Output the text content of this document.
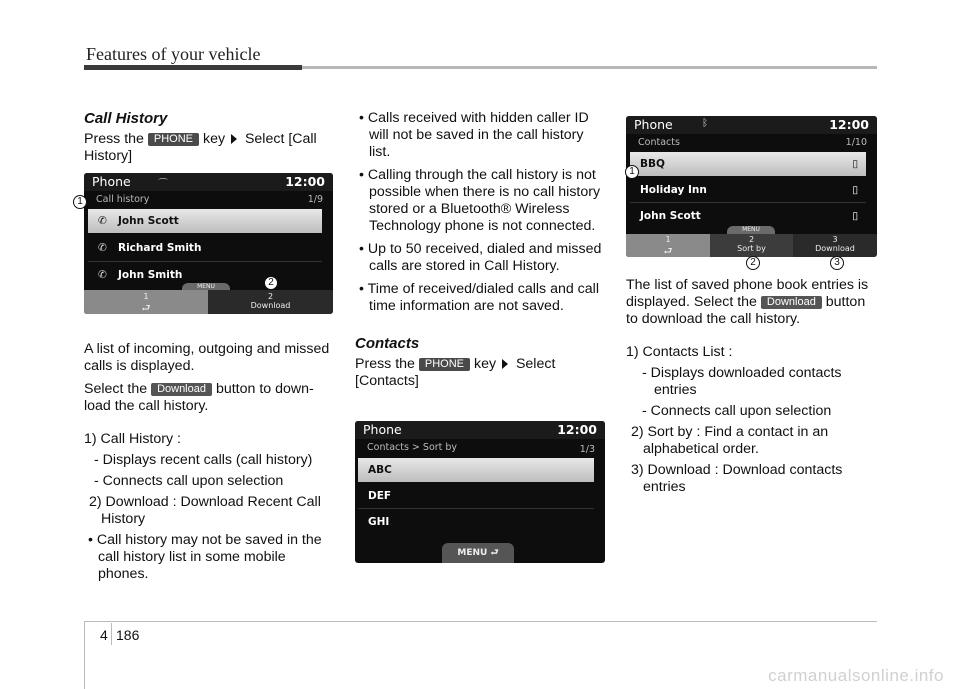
Features of your vehicle

Call History

Press the PHONE key Select [Call History]

Phone	⌒	12:00
Call history	1/9
✆ John Scott
✆ Richard Smith
✆ John Smith
MENU
1
⮐
2
Download
1
2

A list of incoming, outgoing and missed calls is displayed.

Select the Download button to down-load the call history.

1) Call History :

- Displays recent calls (call history)

- Connects call upon selection

2) Download : Download Recent Call History

• Call history may not be saved in the call history list in some mobile phones.

• Calls received with hidden caller ID will not be saved in the call history list.

• Calling through the call history is not possible when there is no call history stored or a Bluetooth® Wireless Technology phone is not connected.

• Up to 50 received, dialed and missed calls are stored in Call History.

• Time of received/dialed calls and call time information are not saved.

Contacts

Press the PHONE key Select [Contacts]

Phone	12:00
Contacts > Sort by	1/3
ABC
DEF
GHI
MENU ⮐
Phone	ᛒ	12:00
Contacts	1/10
BBQ	▯
Holiday Inn	▯
John Scott	▯
MENU
1
⮐
2
Sort by
3
Download
1
2	3

The list of saved phone book entries is displayed. Select the Download button to download the call history.

1) Contacts List :

- Displays downloaded contacts entries

- Connects call upon selection

2) Sort by : Find a contact in an alphabetical order.

3) Download : Download contacts entries

4 186
carmanualsonline.info
